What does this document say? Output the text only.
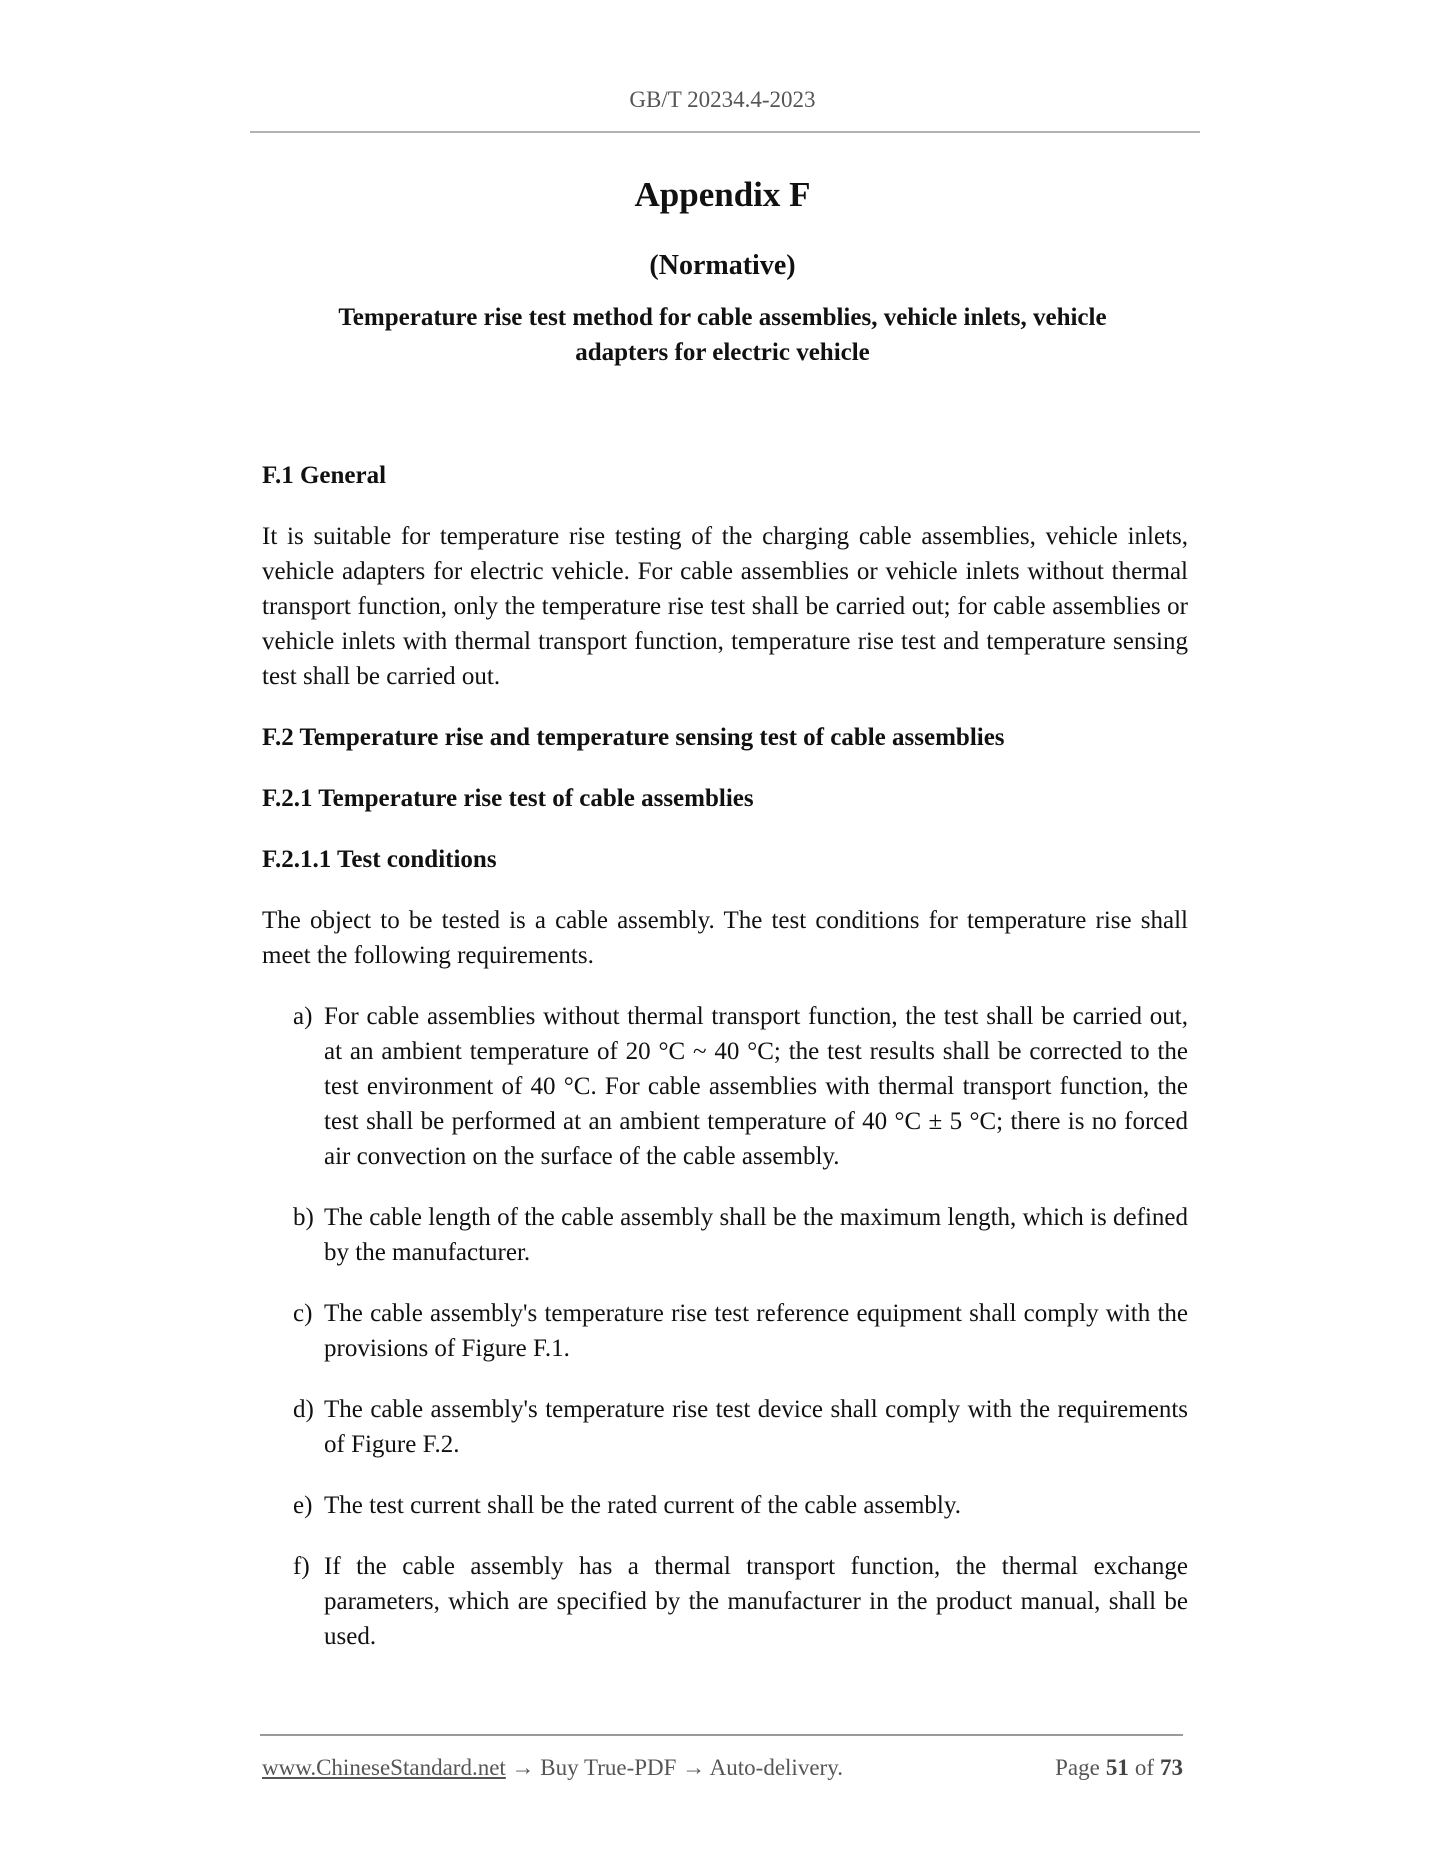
GB/T 20234.4-2023
Appendix F
(Normative)
Temperature rise test method for cable assemblies, vehicle inlets, vehicle adapters for electric vehicle
F.1 General

It is suitable for temperature rise testing of the charging cable assemblies, vehicle inlets, vehicle adapters for electric vehicle. For cable assemblies or vehicle inlets without thermal transport function, only the temperature rise test shall be carried out; for cable assemblies or vehicle inlets with thermal transport function, temperature rise test and temperature sensing test shall be carried out.

F.2 Temperature rise and temperature sensing test of cable assemblies
F.2.1 Temperature rise test of cable assemblies
F.2.1.1 Test conditions

The object to be tested is a cable assembly. The test conditions for temperature rise shall meet the following requirements.

a) For cable assemblies without thermal transport function, the test shall be carried out, at an ambient temperature of 20 °C ~ 40 °C; the test results shall be corrected to the test environment of 40 °C. For cable assemblies with thermal transport function, the test shall be performed at an ambient temperature of 40 °C ± 5 °C; there is no forced air convection on the surface of the cable assembly.
b) The cable length of the cable assembly shall be the maximum length, which is defined by the manufacturer.
c) The cable assembly's temperature rise test reference equipment shall comply with the provisions of Figure F.1.
d) The cable assembly's temperature rise test device shall comply with the requirements of Figure F.2.
e) The test current shall be the rated current of the cable assembly.
f) If the cable assembly has a thermal transport function, the thermal exchange parameters, which are specified by the manufacturer in the product manual, shall be used.
www.ChineseStandard.net → Buy True-PDF → Auto-delivery.	Page 51 of 73
